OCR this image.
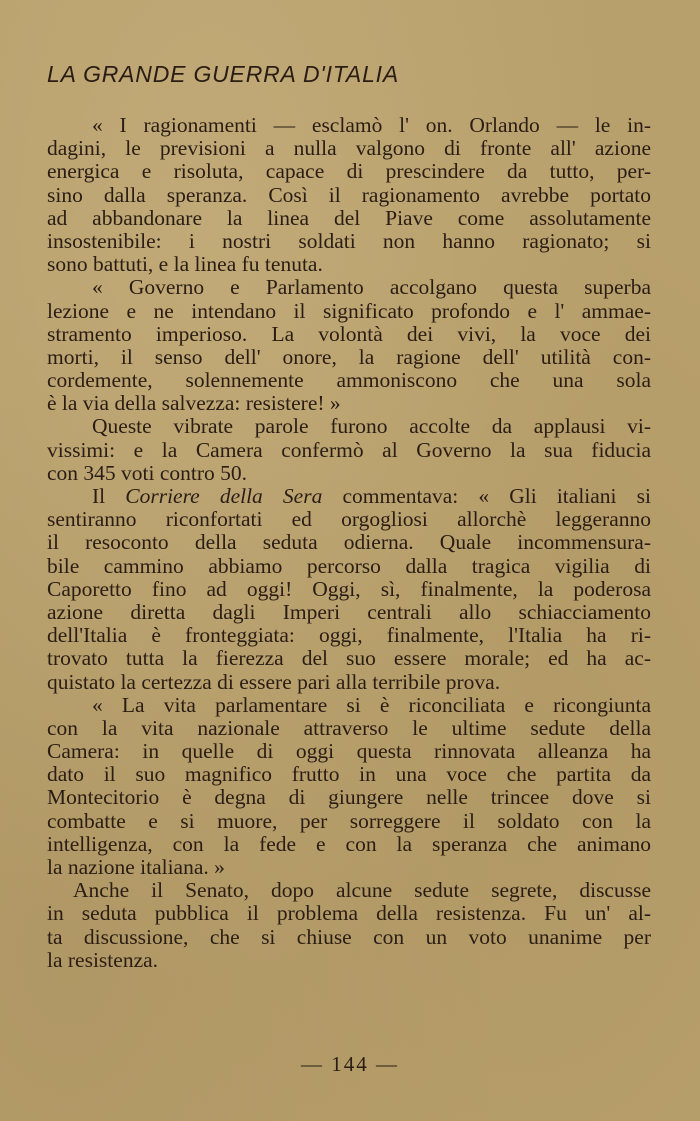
LA GRANDE GUERRA D'ITALIA
« I ragionamenti — esclamò l' on. Orlando — le in-
dagini, le previsioni a nulla valgono di fronte all' azione
energica e risoluta, capace di prescindere da tutto, per-
sino dalla speranza. Così il ragionamento avrebbe portato
ad abbandonare la linea del Piave come assolutamente
insostenibile: i nostri soldati non hanno ragionato; si
sono battuti, e la linea fu tenuta.
« Governo e Parlamento accolgano questa superba
lezione e ne intendano il significato profondo e l' ammae-
stramento imperioso. La volontà dei vivi, la voce dei
morti, il senso dell' onore, la ragione dell' utilità con-
cordemente, solennemente ammoniscono che una sola
è la via della salvezza: resistere! »
Queste vibrate parole furono accolte da applausi vi-
vissimi: e la Camera confermò al Governo la sua fiducia
con 345 voti contro 50.
Il Corriere della Sera commentava: « Gli italiani si
sentiranno riconfortati ed orgogliosi allorchè leggeranno
il resoconto della seduta odierna. Quale incommensura-
bile cammino abbiamo percorso dalla tragica vigilia di
Caporetto fino ad oggi! Oggi, sì, finalmente, la poderosa
azione diretta dagli Imperi centrali allo schiacciamento
dell'Italia è fronteggiata: oggi, finalmente, l'Italia ha ri-
trovato tutta la fierezza del suo essere morale; ed ha ac-
quistato la certezza di essere pari alla terribile prova.
« La vita parlamentare si è riconciliata e ricongiunta
con la vita nazionale attraverso le ultime sedute della
Camera: in quelle di oggi questa rinnovata alleanza ha
dato il suo magnifico frutto in una voce che partita da
Montecitorio è degna di giungere nelle trincee dove si
combatte e si muore, per sorreggere il soldato con la
intelligenza, con la fede e con la speranza che animano
la nazione italiana. »
Anche il Senato, dopo alcune sedute segrete, discusse
in seduta pubblica il problema della resistenza. Fu un' al-
ta discussione, che si chiuse con un voto unanime per
la resistenza.
— 144 —
